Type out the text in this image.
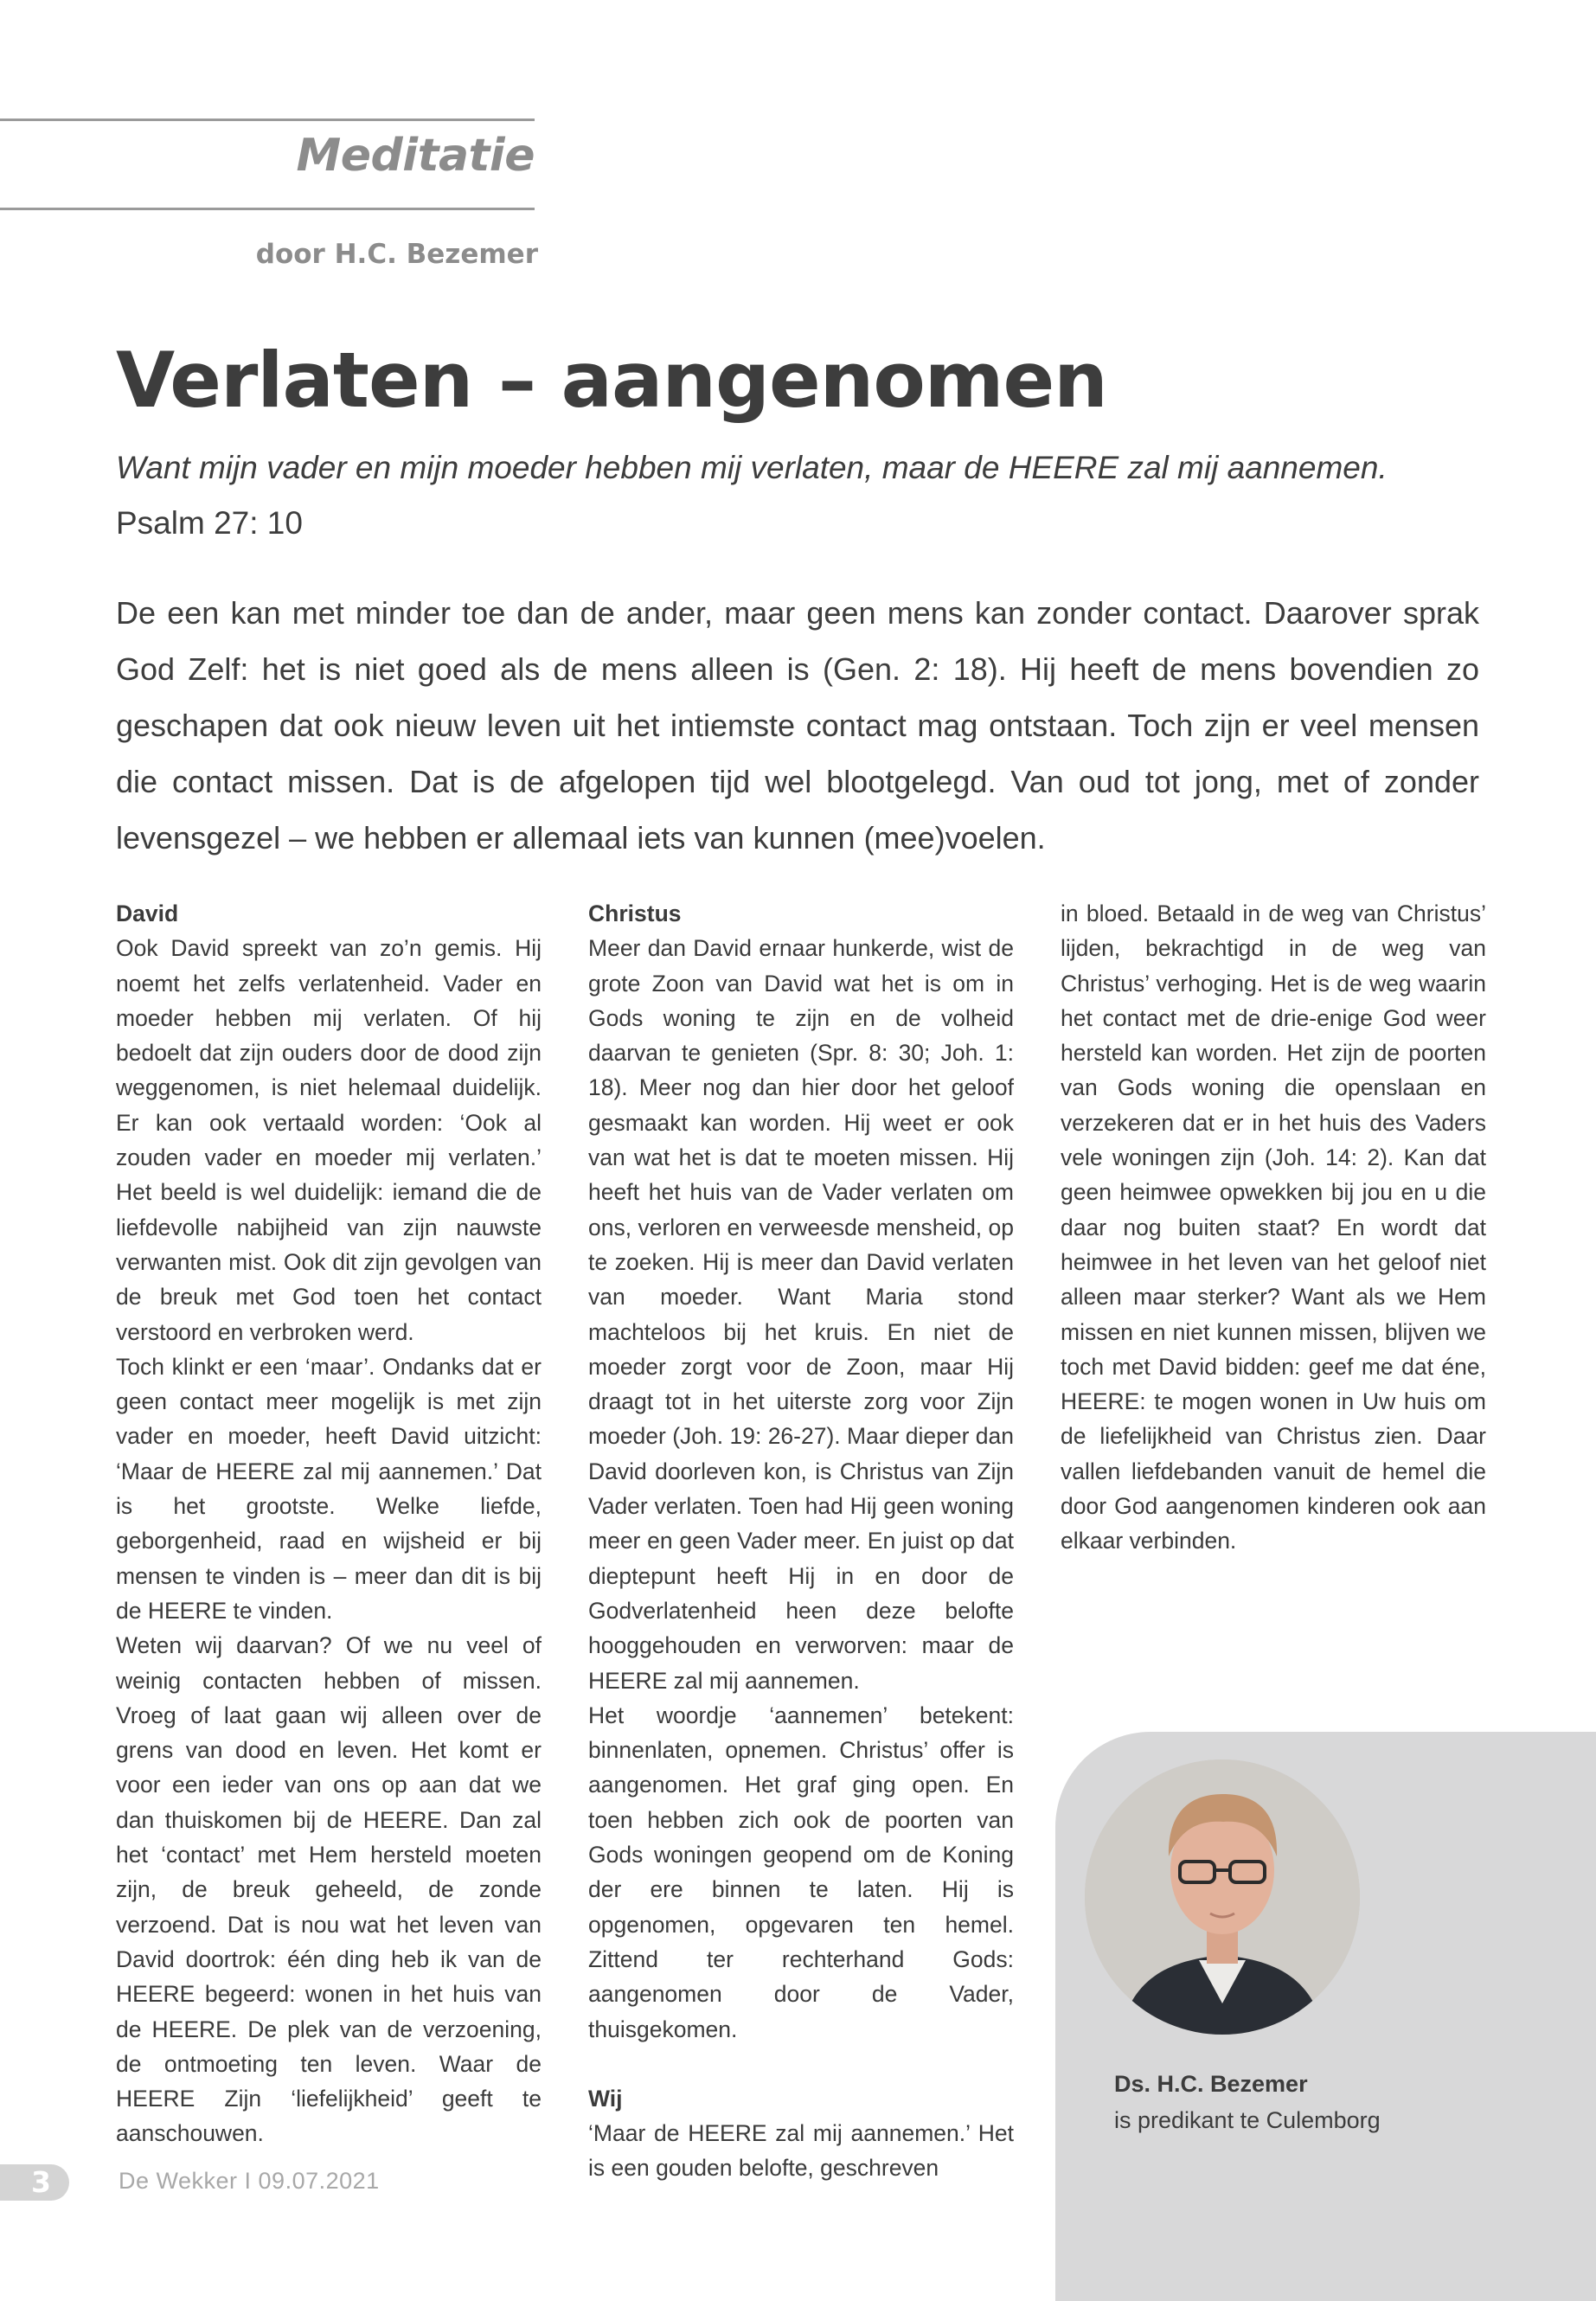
Meditatie
door H.C. Bezemer
Verlaten – aangenomen
Want mijn vader en mijn moeder hebben mij verlaten, maar de HEERE zal mij aannemen.
Psalm 27: 10

De een kan met minder toe dan de ander, maar geen mens kan zonder contact. Daarover sprak God Zelf: het is niet goed als de mens alleen is (Gen. 2: 18). Hij heeft de mens bovendien zo geschapen dat ook nieuw leven uit het intiemste contact mag ontstaan. Toch zijn er veel mensen die contact missen. Dat is de afgelopen tijd wel blootgelegd. Van oud tot jong, met of zonder levensgezel – we hebben er allemaal iets van kunnen (mee)voelen.

David

Ook David spreekt van zo’n gemis. Hij noemt het zelfs verlatenheid. Vader en moeder hebben mij verlaten. Of hij bedoelt dat zijn ouders door de dood zijn weggenomen, is niet helemaal duidelijk. Er kan ook vertaald worden: ‘Ook al zouden vader en moeder mij verlaten.’ Het beeld is wel duidelijk: iemand die de liefdevolle nabijheid van zijn nauwste verwanten mist. Ook dit zijn gevolgen van de breuk met God toen het contact verstoord en verbroken werd.

Toch klinkt er een ‘maar’. Ondanks dat er geen contact meer mogelijk is met zijn vader en moeder, heeft David uitzicht: ‘Maar de HEERE zal mij aannemen.’ Dat is het grootste. Welke liefde, geborgenheid, raad en wijsheid er bij mensen te vinden is – meer dan dit is bij de HEERE te vinden.

Weten wij daarvan? Of we nu veel of weinig contacten hebben of missen. Vroeg of laat gaan wij alleen over de grens van dood en leven. Het komt er voor een ieder van ons op aan dat we dan thuiskomen bij de HEERE. Dan zal het ‘contact’ met Hem hersteld moeten zijn, de breuk geheeld, de zonde verzoend. Dat is nou wat het leven van David doortrok: één ding heb ik van de HEERE begeerd: wonen in het huis van de HEERE. De plek van de verzoening, de ontmoeting ten leven. Waar de HEERE Zijn ‘liefelijkheid’ geeft te aanschouwen.

Christus

Meer dan David ernaar hunkerde, wist de grote Zoon van David wat het is om in Gods woning te zijn en de volheid daarvan te genieten (Spr. 8: 30; Joh. 1: 18). Meer nog dan hier door het geloof gesmaakt kan worden. Hij weet er ook van wat het is dat te moeten missen. Hij heeft het huis van de Vader verlaten om ons, verloren en verweesde mensheid, op te zoeken. Hij is meer dan David verlaten van moeder. Want Maria stond machteloos bij het kruis. En niet de moeder zorgt voor de Zoon, maar Hij draagt tot in het uiterste zorg voor Zijn moeder (Joh. 19: 26-27). Maar dieper dan David doorleven kon, is Christus van Zijn Vader verlaten. Toen had Hij geen woning meer en geen Vader meer. En juist op dat dieptepunt heeft Hij in en door de Godverlatenheid heen deze belofte hooggehouden en verworven: maar de HEERE zal mij aannemen.

Het woordje ‘aannemen’ betekent: binnenlaten, opnemen. Christus’ offer is aangenomen. Het graf ging open. En toen hebben zich ook de poorten van Gods woningen geopend om de Koning der ere binnen te laten. Hij is opgenomen, opgevaren ten hemel. Zittend ter rechterhand Gods: aangenomen door de Vader, thuisgekomen.

Wij

‘Maar de HEERE zal mij aannemen.’ Het is een gouden belofte, geschreven

in bloed. Betaald in de weg van Christus’ lijden, bekrachtigd in de weg van Christus’ verhoging. Het is de weg waarin het contact met de drie-enige God weer hersteld kan worden. Het zijn de poorten van Gods woning die openslaan en verzekeren dat er in het huis des Vaders vele woningen zijn (Joh. 14: 2). Kan dat geen heimwee opwekken bij jou en u die daar nog buiten staat? En wordt dat heimwee in het leven van het geloof niet alleen maar sterker? Want als we Hem missen en niet kunnen missen, blijven we toch met David bidden: geef me dat éne, HEERE: te mogen wonen in Uw huis om de liefelijkheid van Christus zien. Daar vallen liefdebanden vanuit de hemel die door God aangenomen kinderen ook aan elkaar verbinden.

Ds. H.C. Bezemer
is predikant te Culemborg
3	De Wekker I 09.07.2021
